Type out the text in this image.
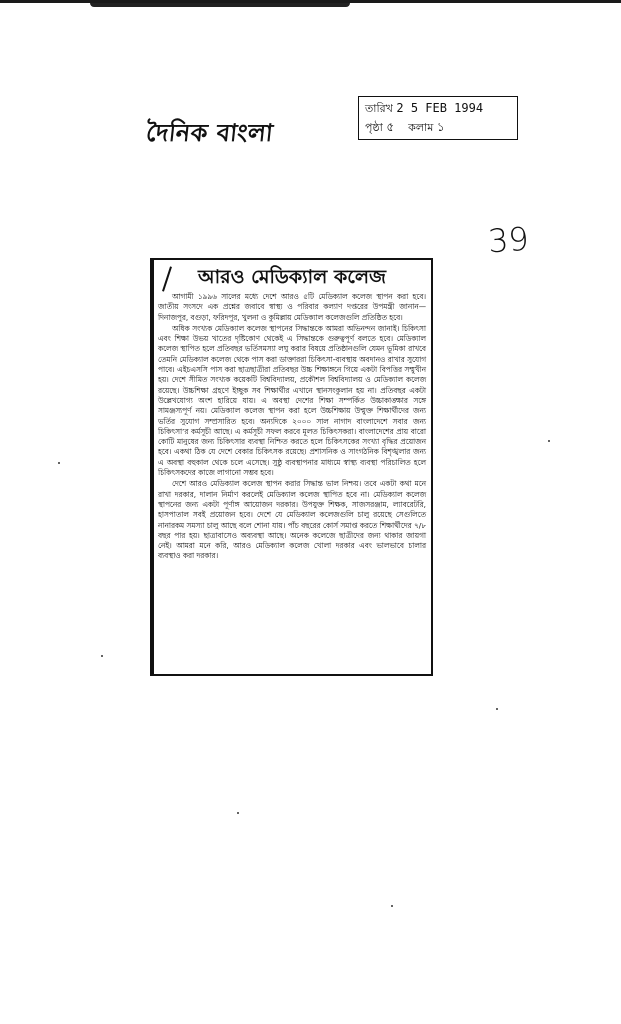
দৈনিক বাংলা
তারিখ 2 5 FEB 1994
পৃষ্ঠা ৫ কলাম ১
39
আরও মেডিক্যাল কলেজ

আগামী ১৯৯৬ সালের মধ্যে দেশে আরও ৫টি মেডিক্যাল কলেজ স্থাপন করা হবে। জাতীয় সংসদে এক প্রশ্নের জবাবে স্বাস্থ্য ও পরিবার কল্যাণ দপ্তরের উপমন্ত্রী জানান—দিনাজপুর, বগুড়া, ফরিদপুর, খুলনা ও কুমিল্লায় মেডিক্যাল কলেজগুলি প্রতিষ্ঠিত হবে।

অধিক সংখ্যক মেডিক্যাল কলেজ স্থাপনের সিদ্ধান্তকে আমরা অভিনন্দন জানাই। চিকিৎসা এবং শিক্ষা উভয় খাতের দৃষ্টিকোণ থেকেই এ সিদ্ধান্তকে গুরুত্বপূর্ণ বলতে হবে। মেডিক্যাল কলেজ স্থাপিত হলে প্রতিবছর ভর্তিসমস্যা লঘু করার বিষয়ে প্রতিষ্ঠানগুলি যেমন ভূমিকা রাখবে তেমনি মেডিক্যাল কলেজ থেকে পাস করা ডাক্তাররা চিকিৎসা-ব্যবস্থায় অবদানও রাখার সুযোগ পাবে। এইচএসসি পাস করা ছাত্রছাত্রীরা প্রতিবছর উচ্চ শিক্ষাঙ্গনে গিয়ে একটা বিপত্তির সম্মুখীন হয়। দেশে সীমিত সংখ্যক কয়েকটি বিশ্ববিদ্যালয়, প্রকৌশল বিশ্ববিদ্যালয় ও মেডিক্যাল কলেজ রয়েছে। উচ্চশিক্ষা গ্রহণে ইচ্ছুক সব শিক্ষার্থীর এখানে স্থানসংকুলান হয় না। প্রতিবছর একটা উল্লেখযোগ্য অংশ হারিয়ে যায়। এ অবস্থা দেশের শিক্ষা সম্পর্কিত উচ্চাকাঙ্ক্ষার সঙ্গে সামঞ্জস্যপূর্ণ নয়। মেডিক্যাল কলেজ স্থাপন করা হলে উচ্চশিক্ষায় উন্মুক্ত শিক্ষার্থীদের জন্য ভর্তির সুযোগ সম্প্রসারিত হবে। অন্যদিকে ২০০০ সাল নাগাদ বাংলাদেশে সবার জন্য চিকিৎসা’র কর্মসূচী আছে। এ কর্মসূচী সফল করবে মূলত চিকিৎসকরা। বাংলাদেশের প্রায় বারো কোটি মানুষের জন্য চিকিৎসার ব্যবস্থা নিশ্চিত করতে হলে চিকিৎসকের সংখ্যা বৃদ্ধির প্রয়োজন হবে। একথা ঠিক যে দেশে বেকার চিকিৎসক রয়েছে। প্রশাসনিক ও সাংগঠনিক বিশৃঙ্খলার জন্য এ অবস্থা বহুকাল থেকে চলে এসেছে। সুষ্ঠু ব্যবস্থাপনার মাধ্যমে স্বাস্থ্য ব্যবস্থা পরিচালিত হলে চিকিৎসকদের কাজে লাগানো সম্ভব হবে।

দেশে আরও মেডিক্যাল কলেজ স্থাপন করার সিদ্ধান্ত ভাল নিশ্চয়। তবে একটা কথা মনে রাখা দরকার, দালান নির্মাণ করলেই মেডিক্যাল কলেজ স্থাপিত হবে না। মেডিক্যাল কলেজ স্থাপনের জন্য একটা পূর্ণাঙ্গ আয়োজন দরকার। উপযুক্ত শিক্ষক, সাজসরঞ্জাম, ল্যাবরেটরি, হাসপাতাল সবই প্রয়োজন হবে। দেশে যে মেডিক্যাল কলেজগুলি চালু রয়েছে সেগুলিতে নানারকম সমস্যা চালু আছে বলে শোনা যায়। পাঁচ বছরের কোর্স সমাপ্ত করতে শিক্ষার্থীদের ৭/৮ বছর পার হয়। ছাত্রাবাসেও অব্যবস্থা আছে। অনেক কলেজে ছাত্রীদের জন্য থাকার জায়গা নেই। আমরা মনে করি, আরও মেডিক্যাল কলেজ খোলা দরকার এবং ভালভাবে চালার ব্যবস্থাও করা দরকার।
